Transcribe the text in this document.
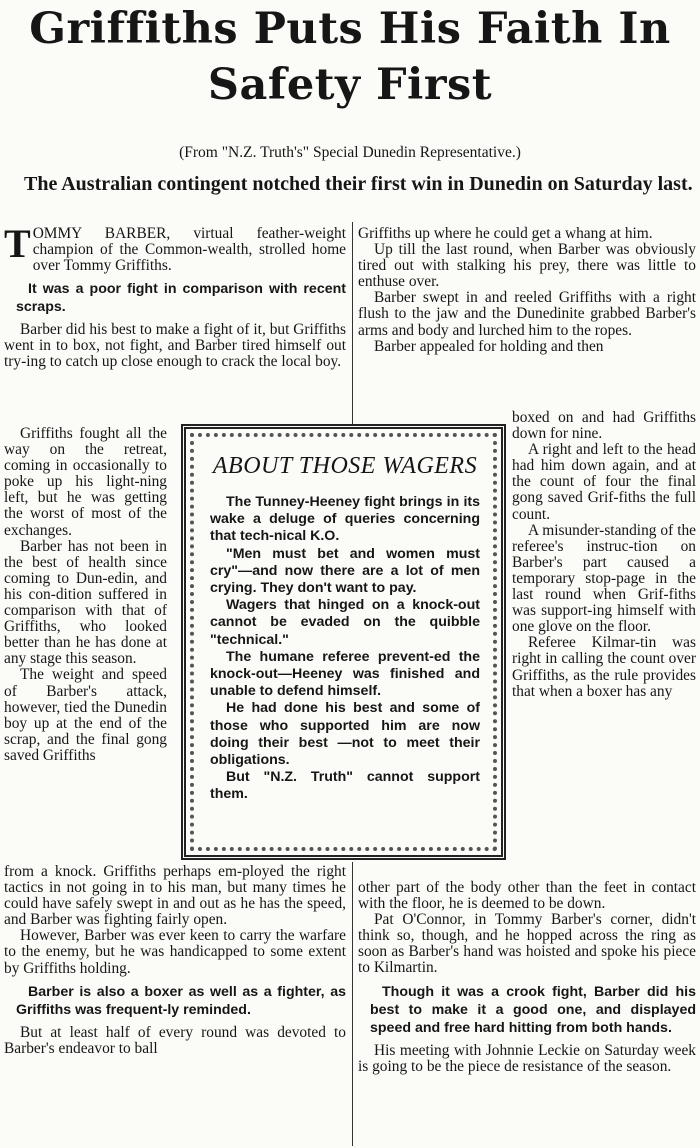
Griffiths Puts His Faith In
Safety First
(From "N.Z. Truth's" Special Dunedin Representative.)
The Australian contingent notched their first win in Dunedin on Saturday last.

TOMMY BARBER, virtual feather-weight champion of the Common-wealth, strolled home over Tommy Griffiths.

It was a poor fight in comparison with recent scraps.

Barber did his best to make a fight of it, but Griffiths went in to box, not fight, and Barber tired himself out try-ing to catch up close enough to crack the local boy.

Griffiths fought all the way on the retreat, coming in occasionally to poke up his light-ning left, but he was getting the worst of most of the exchanges.

Barber has not been in the best of health since coming to Dun-edin, and his con-dition suffered in comparison with that of Griffiths, who looked better than he has done at any stage this season.

The weight and speed of Barber's attack, however, tied the Dunedin boy up at the end of the scrap, and the final gong saved Griffiths

from a knock. Griffiths perhaps em-ployed the right tactics in not going in to his man, but many times he could have safely swept in and out as he has the speed, and Barber was fighting fairly open.

However, Barber was ever keen to carry the warfare to the enemy, but he was handicapped to some extent by Griffiths holding.

Barber is also a boxer as well as a fighter, as Griffiths was frequent-ly reminded.

But at least half of every round was devoted to Barber's endeavor to ball

Griffiths up where he could get a whang at him.

Up till the last round, when Barber was obviously tired out with stalking his prey, there was little to enthuse over.

Barber swept in and reeled Griffiths with a right flush to the jaw and the Dunedinite grabbed Barber's arms and body and lurched him to the ropes.

Barber appealed for holding and then

boxed on and had Griffiths down for nine.

A right and left to the head had him down again, and at the count of four the final gong saved Grif-fiths the full count.

A misunder-standing of the referee's instruc-tion on Barber's part caused a temporary stop-page in the last round when Grif-fiths was support-ing himself with one glove on the floor.

Referee Kilmar-tin was right in calling the count over Griffiths, as the rule provides that when a boxer has any

other part of the body other than the feet in contact with the floor, he is deemed to be down.

Pat O'Connor, in Tommy Barber's corner, didn't think so, though, and he hopped across the ring as soon as Barber's hand was hoisted and spoke his piece to Kilmartin.

Though it was a crook fight, Barber did his best to make it a good one, and displayed speed and free hard hitting from both hands.

His meeting with Johnnie Leckie on Saturday week is going to be the piece de resistance of the season.

ABOUT THOSE WAGERS

The Tunney-Heeney fight brings in its wake a deluge of queries concerning that tech-nical K.O.

"Men must bet and women must cry"—and now there are a lot of men crying. They don't want to pay.

Wagers that hinged on a knock-out cannot be evaded on the quibble "technical."

The humane referee prevent-ed the knock-out—Heeney was finished and unable to defend himself.

He had done his best and some of those who supported him are now doing their best —not to meet their obligations.

But "N.Z. Truth" cannot support them.
